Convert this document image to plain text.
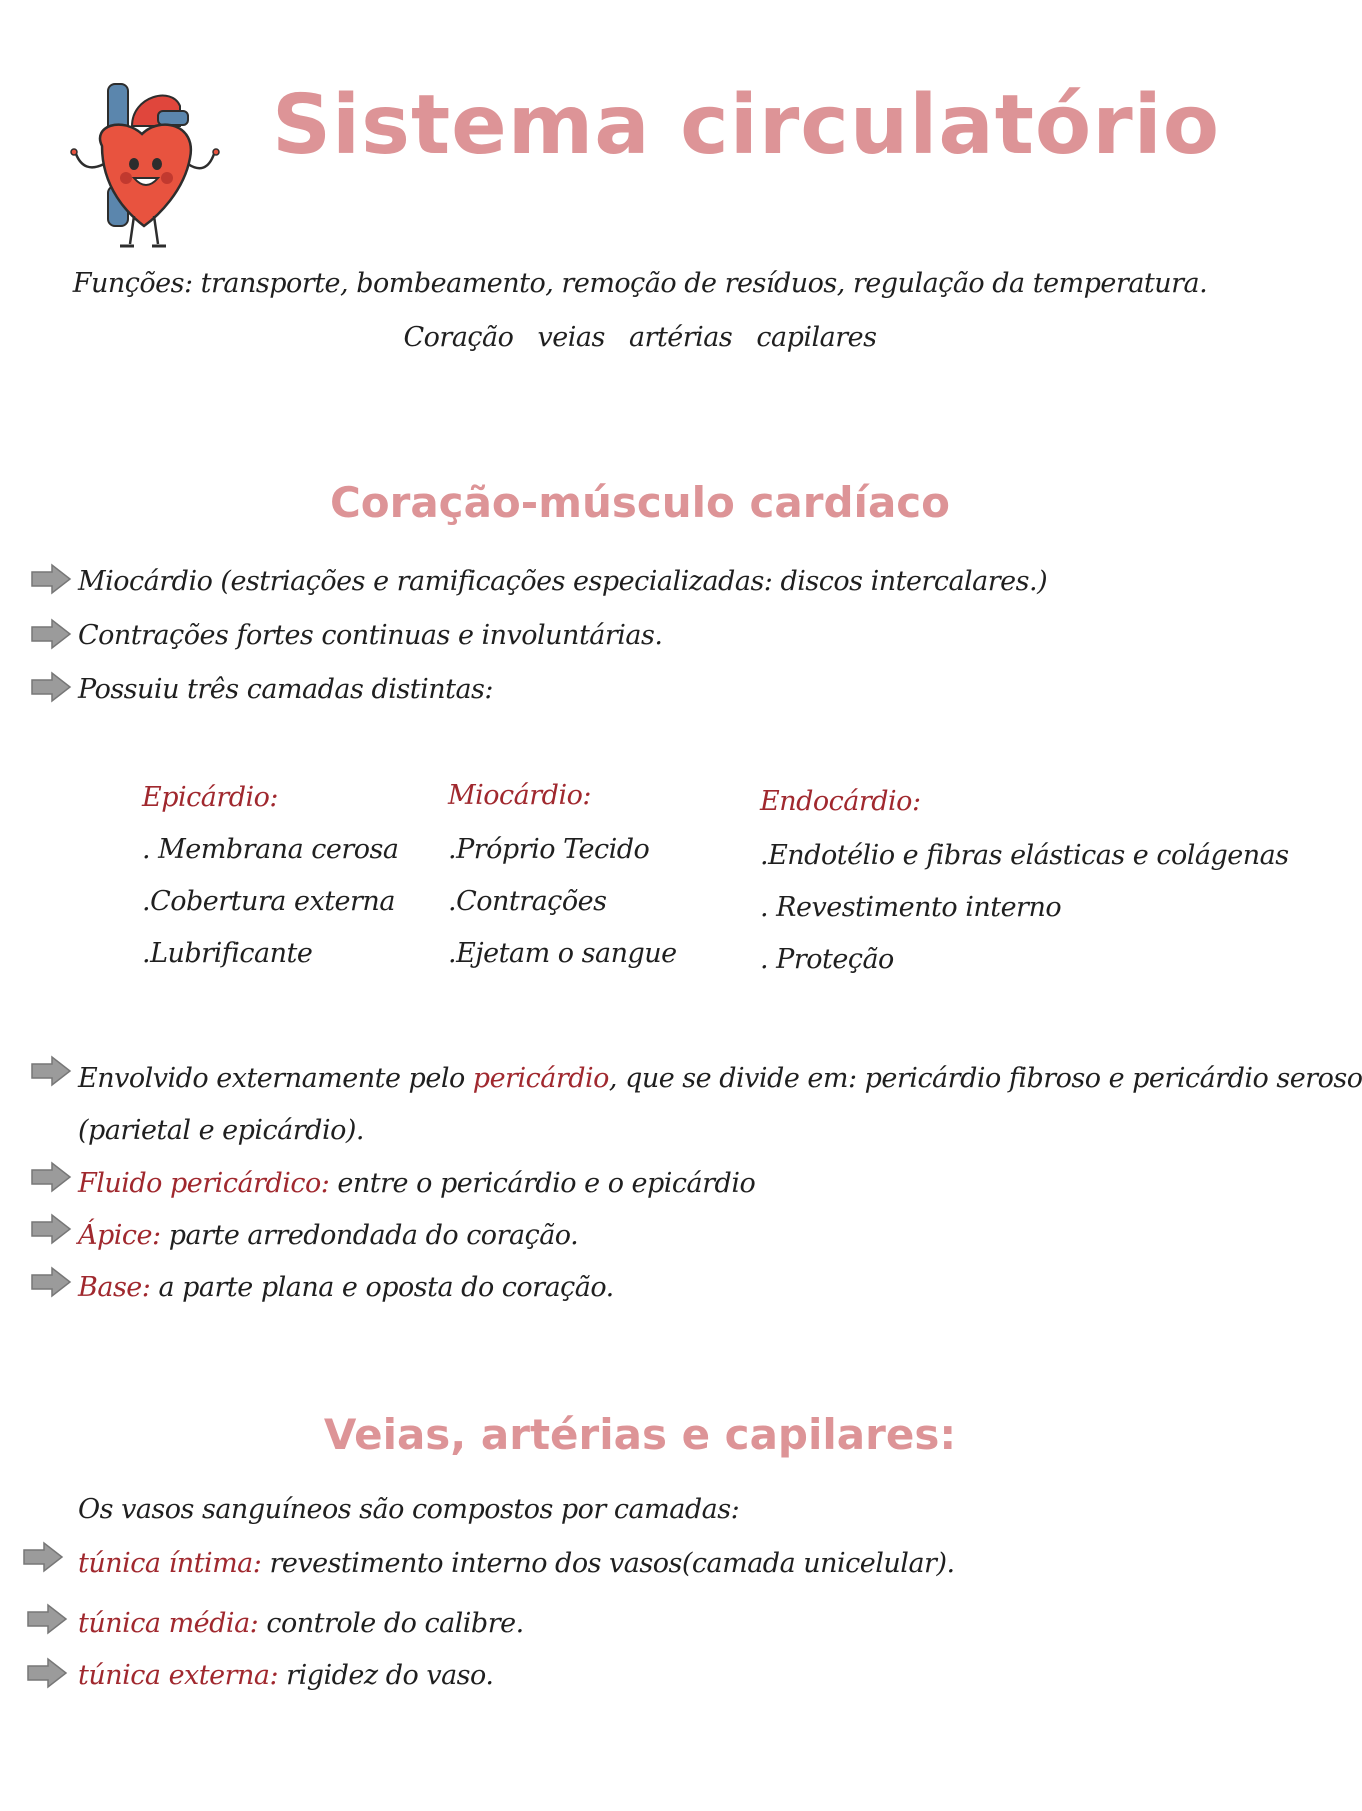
Sistema circulatório
Funções: transporte, bombeamento, remoção de resíduos, regulação da temperatura.
Coração veias artérias capilares
Coração-músculo cardíaco
Miocárdio (estriações e ramificações especializadas: discos intercalares.)
Contrações fortes continuas e involuntárias.
Possuiu três camadas distintas:
Epicárdio:
. Membrana cerosa
.Cobertura externa
.Lubrificante
Miocárdio:
.Próprio Tecido
.Contrações
.Ejetam o sangue
Endocárdio:
.Endotélio e fibras elásticas e colágenas
. Revestimento interno
. Proteção
Envolvido externamente pelo pericárdio, que se divide em: pericárdio fibroso e pericárdio seroso
(parietal e epicárdio).
Fluido pericárdico: entre o pericárdio e o epicárdio
Ápice: parte arredondada do coração.
Base: a parte plana e oposta do coração.
Veias, artérias e capilares:
Os vasos sanguíneos são compostos por camadas:
túnica íntima: revestimento interno dos vasos(camada unicelular).
túnica média: controle do calibre.
túnica externa: rigidez do vaso.
